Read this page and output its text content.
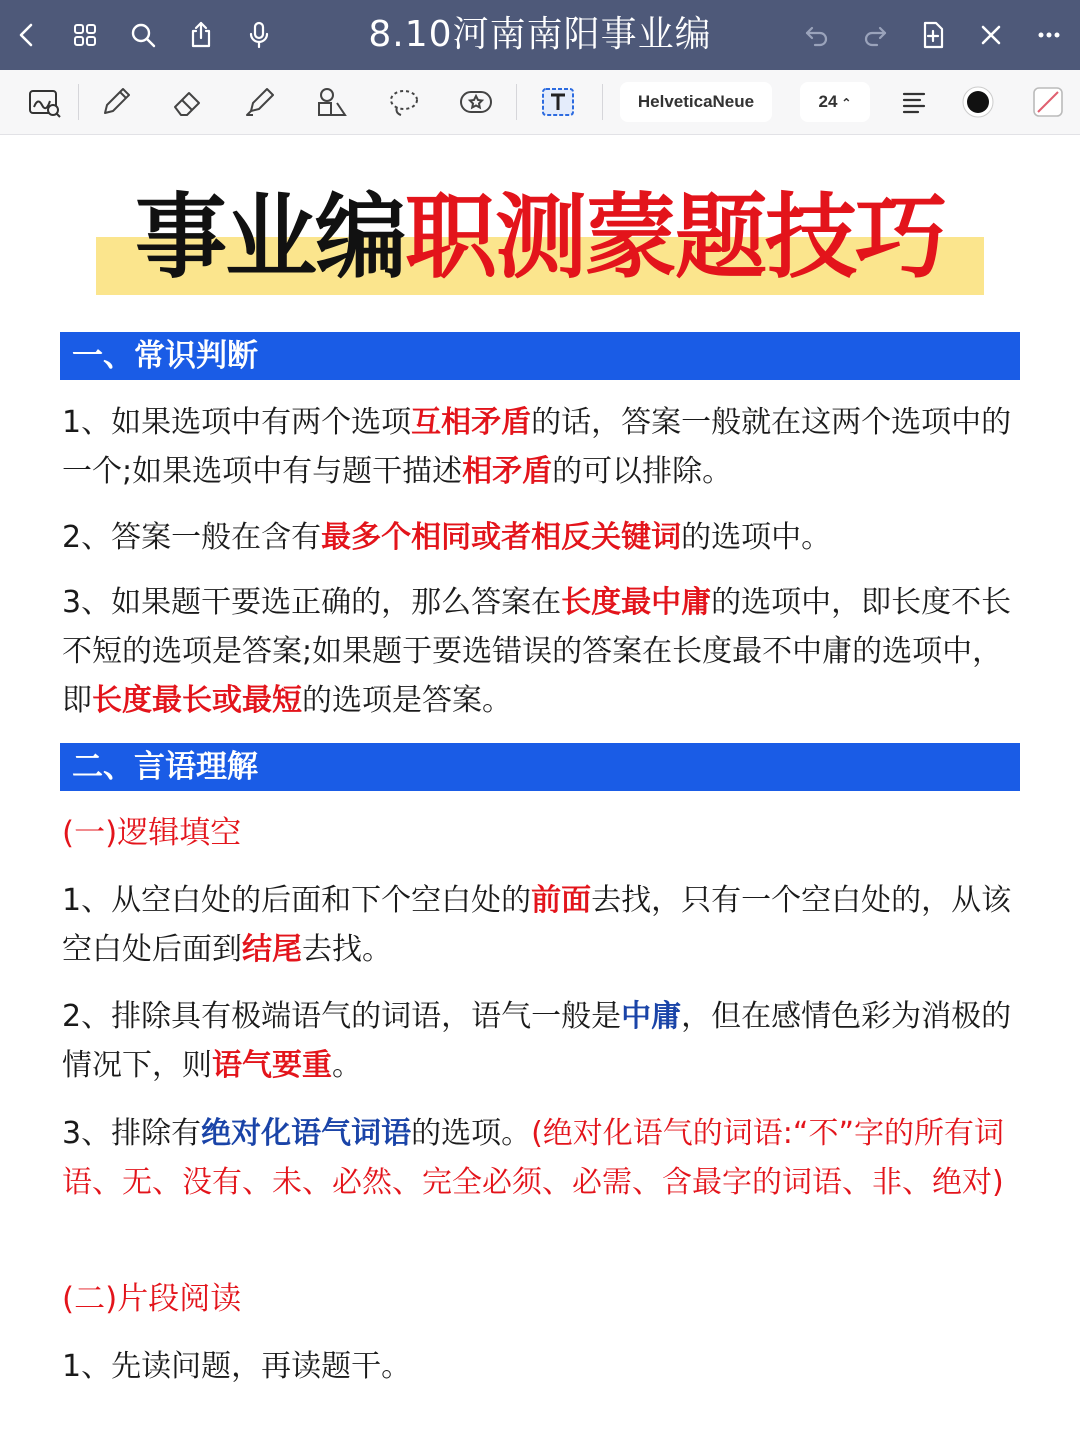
8.10河南南阳事业编
HelveticaNeue	24 ⌃
事业编职测蒙题技巧
一、常识判断
1、如果选项中有两个选项互相矛盾的话，答案一般就在这两个选项中的一个;如果选项中有与题干描述相矛盾的可以排除。
2、答案一般在含有最多个相同或者相反关键词的选项中。
3、如果题干要选正确的，那么答案在长度最中庸的选项中，即长度不长不短的选项是答案;如果题于要选错误的答案在长度最不中庸的选项中，即长度最长或最短的选项是答案。
二、言语理解
(一)逻辑填空
1、从空白处的后面和下个空白处的前面去找，只有一个空白处的，从该空白处后面到结尾去找。
2、排除具有极端语气的词语，语气一般是中庸，但在感情色彩为消极的情况下，则语气要重。
3、排除有绝对化语气词语的选项。(绝对化语气的词语:“不”字的所有词语、无、没有、未、必然、完全必须、必需、含最字的词语、非、绝对)
(二)片段阅读
1、先读问题，再读题干。
